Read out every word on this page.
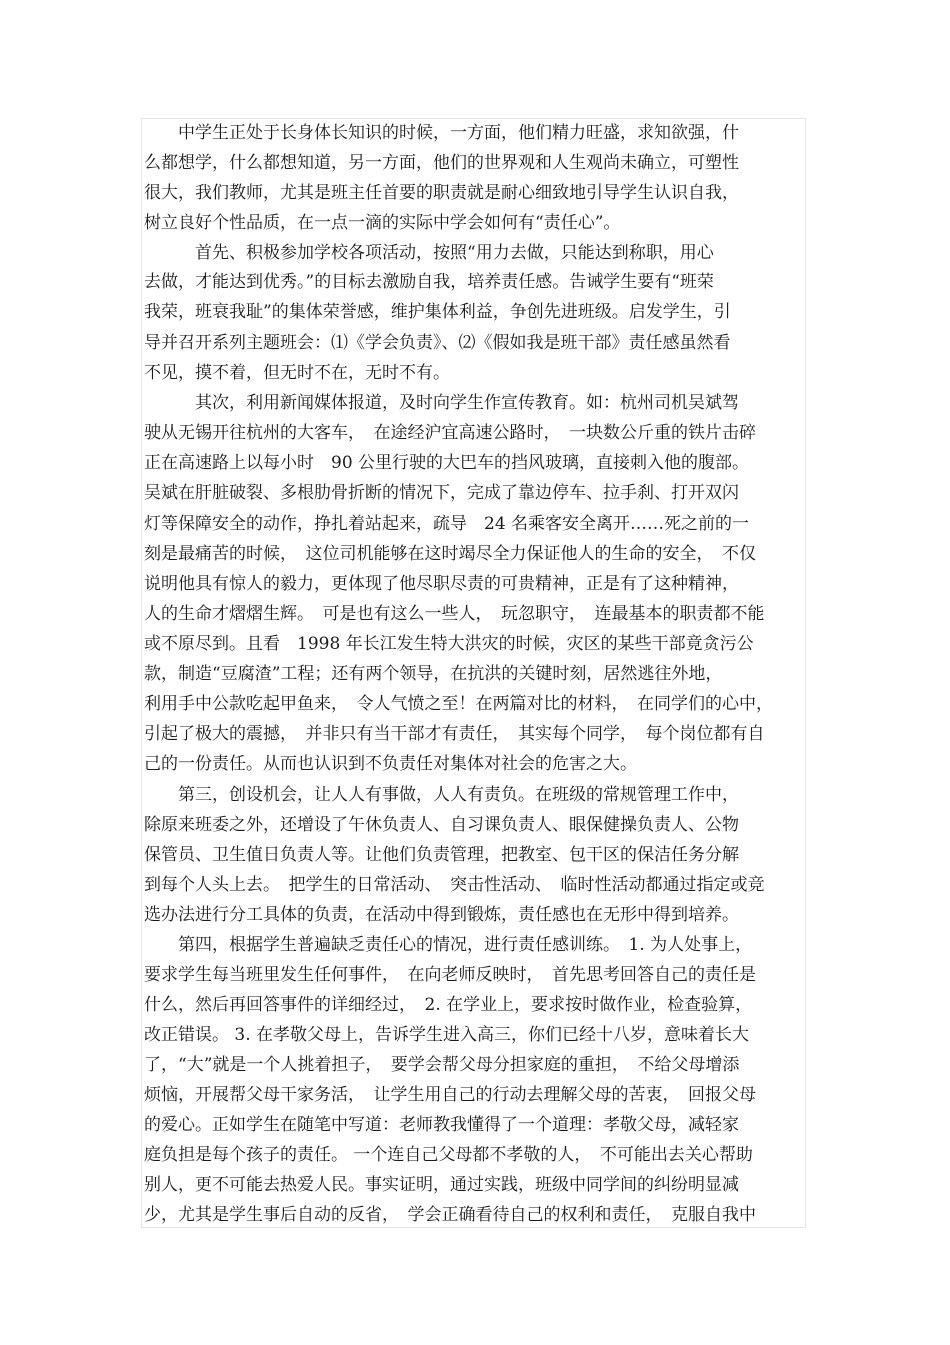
　　中学生正处于长身体长知识的时候，一方面，他们精力旺盛，求知欲强，什

么都想学，什么都想知道，另一方面，他们的世界观和人生观尚未确立，可塑性

很大，我们教师，尤其是班主任首要的职责就是耐心细致地引导学生认识自我，

树立良好个性品质，在一点一滴的实际中学会如何有“责任心”。

　　　首先、积极参加学校各项活动，按照“用力去做，只能达到称职，用心

去做，才能达到优秀。”的目标去激励自我，培养责任感。告诫学生要有“班荣

我荣，班衰我耻”的集体荣誉感，维护集体利益，争创先进班级。启发学生，引

导并召开系列主题班会：⑴《学会负责》、⑵《假如我是班干部》责任感虽然看

不见，摸不着，但无时不在，无时不有。

　　　其次，利用新闻媒体报道，及时向学生作宣传教育。如：杭州司机吴斌驾

驶从无锡开往杭州的大客车，　在途经沪宜高速公路时，　一块数公斤重的铁片击碎

正在高速路上以每小时　90 公里行驶的大巴车的挡风玻璃，直接刺入他的腹部。

吴斌在肝脏破裂、多根肋骨折断的情况下，完成了靠边停车、拉手刹、打开双闪

灯等保障安全的动作，挣扎着站起来，疏导　24 名乘客安全离开……死之前的一

刻是最痛苦的时候，　这位司机能够在这时竭尽全力保证他人的生命的安全，　不仅

说明他具有惊人的毅力，更体现了他尽职尽责的可贵精神，正是有了这种精神，

人的生命才熠熠生辉。　可是也有这么一些人，　玩忽职守，　连最基本的职责都不能

或不原尽到。且看　1998 年长江发生特大洪灾的时候，灾区的某些干部竟贪污公

款，制造“豆腐渣”工程；还有两个领导，在抗洪的关键时刻，居然逃往外地，

利用手中公款吃起甲鱼来，　令人气愤之至！在两篇对比的材料，　在同学们的心中，

引起了极大的震撼，　并非只有当干部才有责任，　其实每个同学，　每个岗位都有自

己的一份责任。从而也认识到不负责任对集体对社会的危害之大。

　　第三，创设机会，让人人有事做，人人有责负。在班级的常规管理工作中，

除原来班委之外，还增设了午休负责人、自习课负责人、眼保健操负责人、公物

保管员、卫生值日负责人等。让他们负责管理，把教室、包干区的保洁任务分解

到每个人头上去。　把学生的日常活动、　突击性活动、　临时性活动都通过指定或竞

选办法进行分工具体的负责，在活动中得到锻炼，责任感也在无形中得到培养。

　　第四，根据学生普遍缺乏责任心的情况，进行责任感训练。　1. 为人处事上，

要求学生每当班里发生任何事件，　在向老师反映时，　首先思考回答自己的责任是

什么，然后再回答事件的详细经过，　2. 在学业上，要求按时做作业，检查验算，

改正错误。 3. 在孝敬父母上，告诉学生进入高三，你们已经十八岁，意味着长大

了，“大”就是一个人挑着担子，　要学会帮父母分担家庭的重担，　不给父母增添

烦恼，开展帮父母干家务活，　让学生用自己的行动去理解父母的苦衷，　回报父母

的爱心。正如学生在随笔中写道：老师教我懂得了一个道理：孝敬父母，减轻家

庭负担是每个孩子的责任。 一个连自己父母都不孝敬的人，　不可能出去关心帮助

别人，更不可能去热爱人民。事实证明，通过实践，班级中同学间的纠纷明显减

少，尤其是学生事后自动的反省，　学会正确看待自己的权利和责任，　克服自我中
